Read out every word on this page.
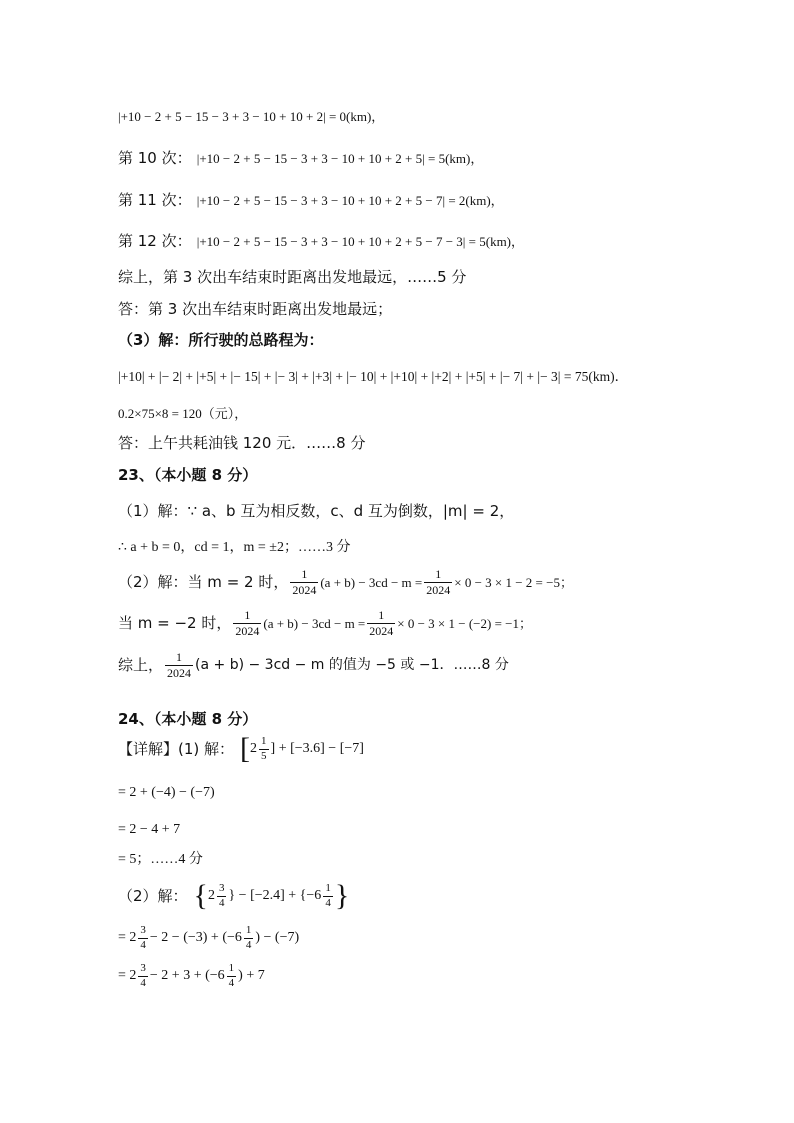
|+10 − 2 + 5 − 15 − 3 + 3 − 10 + 10 + 2| = 0(km)，
第 10 次： |+10 − 2 + 5 − 15 − 3 + 3 − 10 + 10 + 2 + 5| = 5(km)，
第 11 次： |+10 − 2 + 5 − 15 − 3 + 3 − 10 + 10 + 2 + 5 − 7| = 2(km)，
第 12 次： |+10 − 2 + 5 − 15 − 3 + 3 − 10 + 10 + 2 + 5 − 7 − 3| = 5(km)，
综上，第 3 次出车结束时距离出发地最远，……5 分
答：第 3 次出车结束时距离出发地最远；
（3）解：所行驶的总路程为：
|+10| + |− 2| + |+5| + |− 15| + |− 3| + |+3| + |− 10| + |+10| + |+2| + |+5| + |− 7| + |− 3| = 75(km)．
0.2×75×8 = 120（元），
答：上午共耗油钱 120 元．……8 分
23、（本小题 8 分）
（1）解：∵ a、b 互为相反数，c、d 互为倒数，|m| = 2，
∴ a + b = 0，cd = 1，m = ±2；……3 分
（2）解：当 m = 2 时， $\frac{1}{2024} (a + b) - 3cd - m = \frac{1}{2024} \times 0 - 3 \times 1 - 2 = -5$；
当 m = −2 时， $\frac{1}{2024} (a + b) - 3cd - m = \frac{1}{2024} \times 0 - 3 \times 1 - (-2) = -1$；
综上， $\frac{1}{2024} (a + b) - 3cd - m$ 的值为 −5 或 −1．……8 分
24、（本小题 8 分）
【详解】(1) 解： [$2 \frac{1}{5}$ ] + [−3.6] − [−7]
= 2 + (−4) − (−7)
= 2 − 4 + 7
= 5；……4 分
（2）解： { $2 \frac{3}{4}$ } − $[-2.4] + \{-6 \frac{1}{4}$ }
= $2 \frac{3}{4} - 2 - (-3) + (-6 \frac{1}{4}$ ) − (−7)
= $2 \frac{3}{4} - 2 + 3 + (-6 \frac{1}{4}$ ) + 7
